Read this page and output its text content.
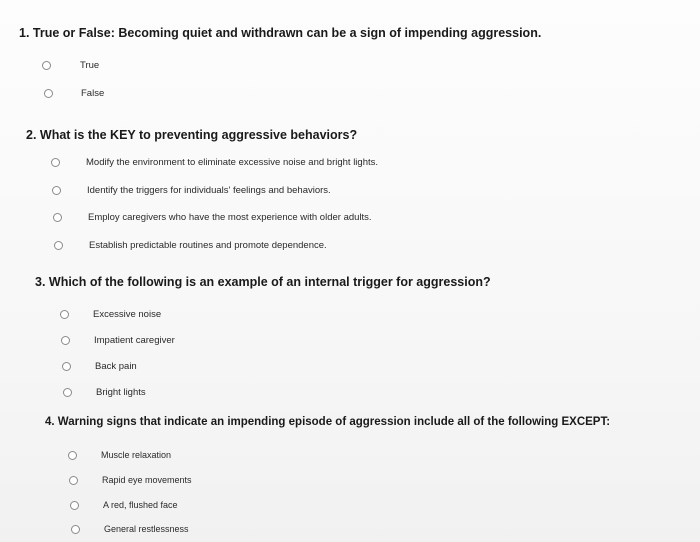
1. True or False: Becoming quiet and withdrawn can be a sign of impending aggression.
True
False
2. What is the KEY to preventing aggressive behaviors?
Modify the environment to eliminate excessive noise and bright lights.
Identify the triggers for individuals' feelings and behaviors.
Employ caregivers who have the most experience with older adults.
Establish predictable routines and promote dependence.
3. Which of the following is an example of an internal trigger for aggression?
Excessive noise
Impatient caregiver
Back pain
Bright lights
4. Warning signs that indicate an impending episode of aggression include all of the following EXCEPT:
Muscle relaxation
Rapid eye movements
A red, flushed face
General restlessness
